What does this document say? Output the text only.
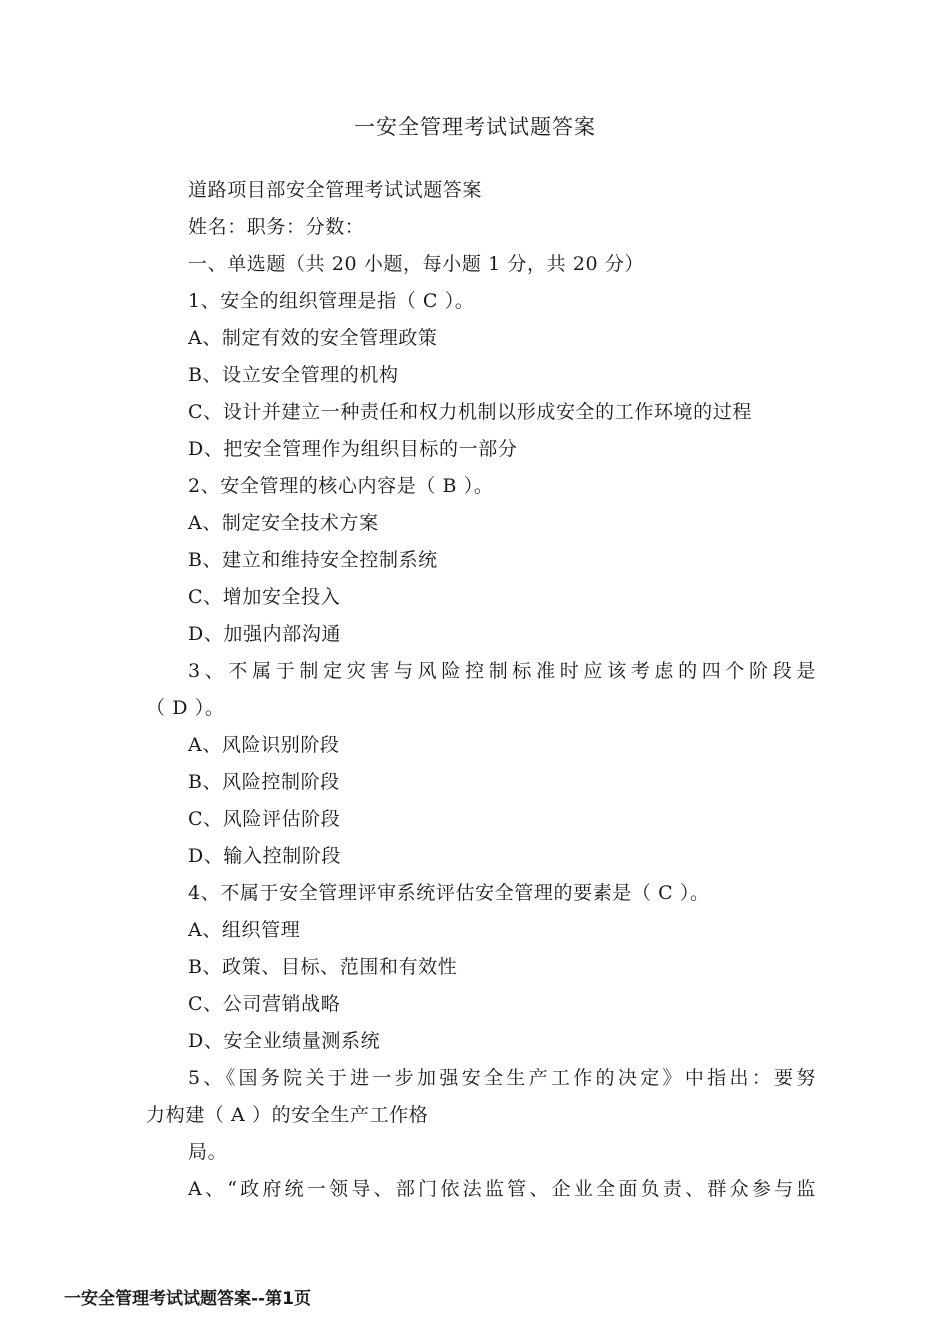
一安全管理考试试题答案
道路项目部安全管理考试试题答案
姓名：职务：分数：
一、单选题（共 20 小题，每小题 1 分，共 20 分）
1、安全的组织管理是指（ C ）。
A、制定有效的安全管理政策
B、设立安全管理的机构
C、设计并建立一种责任和权力机制以形成安全的工作环境的过程
D、把安全管理作为组织目标的一部分
2、安全管理的核心内容是（ B ）。
A、制定安全技术方案
B、建立和维持安全控制系统
C、增加安全投入
D、加强内部沟通
3、不属于制定灾害与风险控制标准时应该考虑的四个阶段是
（ D ）。
A、风险识别阶段
B、风险控制阶段
C、风险评估阶段
D、输入控制阶段
4、不属于安全管理评审系统评估安全管理的要素是（ C ）。
A、组织管理
B、政策、目标、范围和有效性
C、公司营销战略
D、安全业绩量测系统
5、《国务院关于进一步加强安全生产工作的决定》中指出：要努
力构建（ A ）的安全生产工作格
局。
A、“政府统一领导、部门依法监管、企业全面负责、群众参与监
一安全管理考试试题答案--第1页
